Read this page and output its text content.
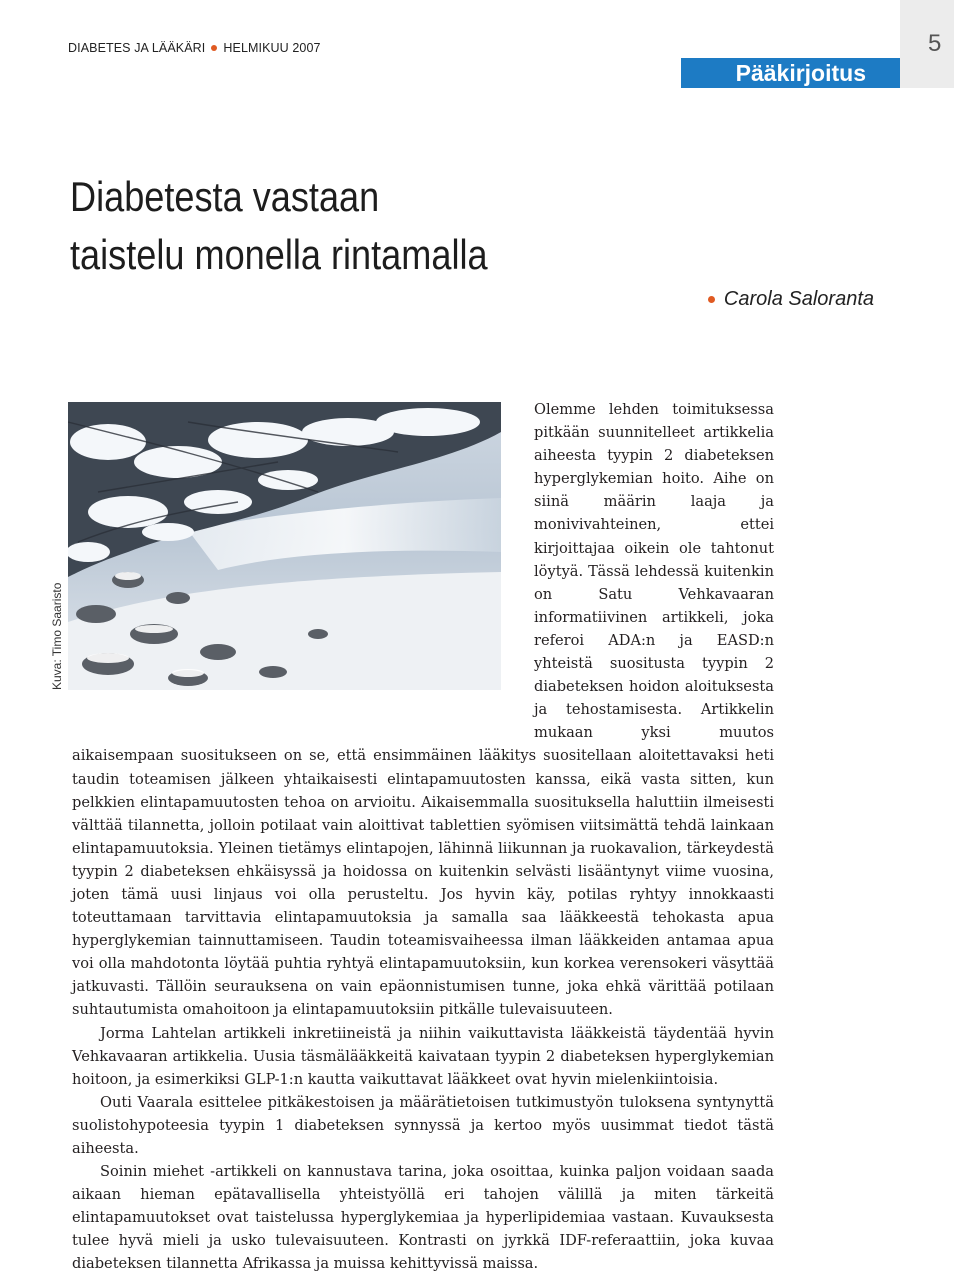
DIABETES JA LÄÄKÄRI HELMIKUU 2007	5
Pääkirjoitus
Diabetesta vastaan
taistelu monella rintamalla
Carola Saloranta
Kuva: Timo Saaristo

Olemme lehden toimituksessa pitkään suunnitelleet artikkelia aiheesta tyypin 2 diabeteksen hyperglykemian hoito. Aihe on siinä määrin laaja ja monivivahteinen, ettei kirjoittajaa oikein ole tahtonut löytyä. Tässä lehdessä kuitenkin on Satu Vehkavaaran informatiivinen artikkeli, joka referoi ADA:n ja EASD:n yhteistä suositusta tyypin 2 diabeteksen hoidon aloituksesta ja tehostamisesta. Artikkelin mukaan yksi muutos aikaisempaan suositukseen on se, että ensimmäinen lääkitys suositellaan aloitettavaksi heti taudin toteamisen jälkeen yhtaikaisesti elintapamuutosten kanssa, eikä vasta sitten, kun pelkkien elintapamuutosten tehoa on arvioitu. Aikaisemmalla suosituksella haluttiin ilmeisesti välttää tilannetta, jolloin potilaat vain aloittivat tablettien syömisen viitsimättä tehdä lainkaan elintapamuutoksia. Yleinen tietämys elintapojen, lähinnä liikunnan ja ruokavalion, tärkeydestä tyypin 2 diabeteksen ehkäisyssä ja hoidossa on kuitenkin selvästi lisääntynyt viime vuosina, joten tämä uusi linjaus voi olla perusteltu. Jos hyvin käy, potilas ryhtyy innokkaasti toteuttamaan tarvittavia elintapamuutoksia ja samalla saa lääkkeestä tehokasta apua hyperglykemian tainnuttamiseen. Taudin toteamisvaiheessa ilman lääkkeiden antamaa apua voi olla mahdotonta löytää puhtia ryhtyä elintapamuutoksiin, kun korkea verensokeri väsyttää jatkuvasti. Tällöin seurauksena on vain epäonnistumisen tunne, joka ehkä värittää potilaan suhtautumista omahoitoon ja elintapamuutoksiin pitkälle tulevaisuuteen.

Jorma Lahtelan artikkeli inkretiineistä ja niihin vaikuttavista lääkkeistä täydentää hyvin Vehkavaaran artikkelia. Uusia täsmälääkkeitä kaivataan tyypin 2 diabeteksen hyperglykemian hoitoon, ja esimerkiksi GLP-1:n kautta vaikuttavat lääkkeet ovat hyvin mielenkiintoisia.

Outi Vaarala esittelee pitkäkestoisen ja määrätietoisen tutkimustyön tuloksena syntynyttä suolistohypoteesia tyypin 1 diabeteksen synnyssä ja kertoo myös uusimmat tiedot tästä aiheesta.

Soinin miehet -artikkeli on kannustava tarina, joka osoittaa, kuinka paljon voidaan saada aikaan hieman epätavallisella yhteistyöllä eri tahojen välillä ja miten tärkeitä elintapamuutokset ovat taistelussa hyperglykemiaa ja hyperlipidemiaa vastaan. Kuvauksesta tulee hyvä mieli ja usko tulevaisuuteen. Kontrasti on jyrkkä IDF-referaattiin, joka kuvaa diabeteksen tilannetta Afrikassa ja muissa kehittyvissä maissa.
